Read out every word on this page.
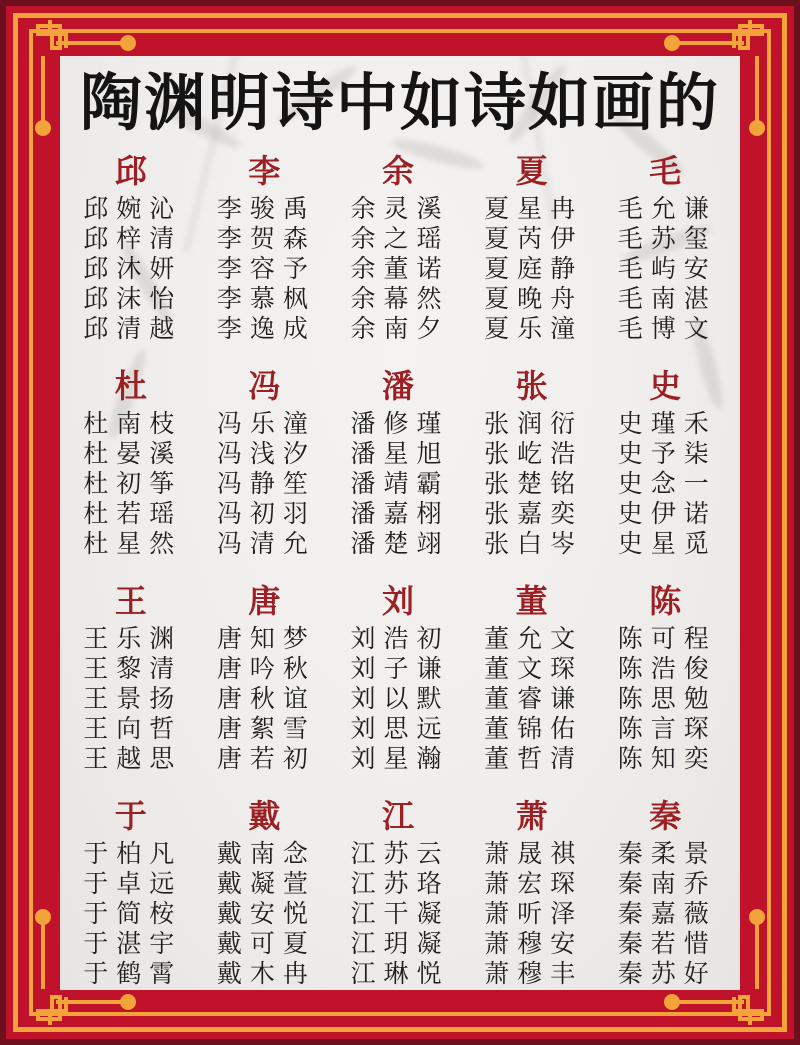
陶渊明诗中如诗如画的
邱
邱婉沁
邱梓清
邱沐妍
邱沫怡
邱清越
李
李骏禹
李贺森
李容予
李慕枫
李逸成
余
余灵溪
余之瑶
余董诺
余幕然
余南夕
夏
夏星冉
夏芮伊
夏庭静
夏晚舟
夏乐潼
毛
毛允谦
毛苏玺
毛屿安
毛南湛
毛博文
杜
杜南枝
杜晏溪
杜初筝
杜若瑶
杜星然
冯
冯乐潼
冯浅汐
冯静笙
冯初羽
冯清允
潘
潘修瑾
潘星旭
潘靖霸
潘嘉栩
潘楚翊
张
张润衍
张屹浩
张楚铭
张嘉奕
张白岑
史
史瑾禾
史予柒
史念一
史伊诺
史星觅
王
王乐渊
王黎清
王景扬
王向哲
王越思
唐
唐知梦
唐吟秋
唐秋谊
唐絮雪
唐若初
刘
刘浩初
刘子谦
刘以默
刘思远
刘星瀚
董
董允文
董文琛
董睿谦
董锦佑
董哲清
陈
陈可程
陈浩俊
陈思勉
陈言琛
陈知奕
于
于柏凡
于卓远
于简桉
于湛宇
于鹤霄
戴
戴南念
戴凝萱
戴安悦
戴可夏
戴木冉
江
江苏云
江苏珞
江干凝
江玥凝
江琳悦
萧
萧晟祺
萧宏琛
萧听泽
萧穆安
萧穆丰
秦
秦柔景
秦南乔
秦嘉薇
秦若惜
秦苏好
